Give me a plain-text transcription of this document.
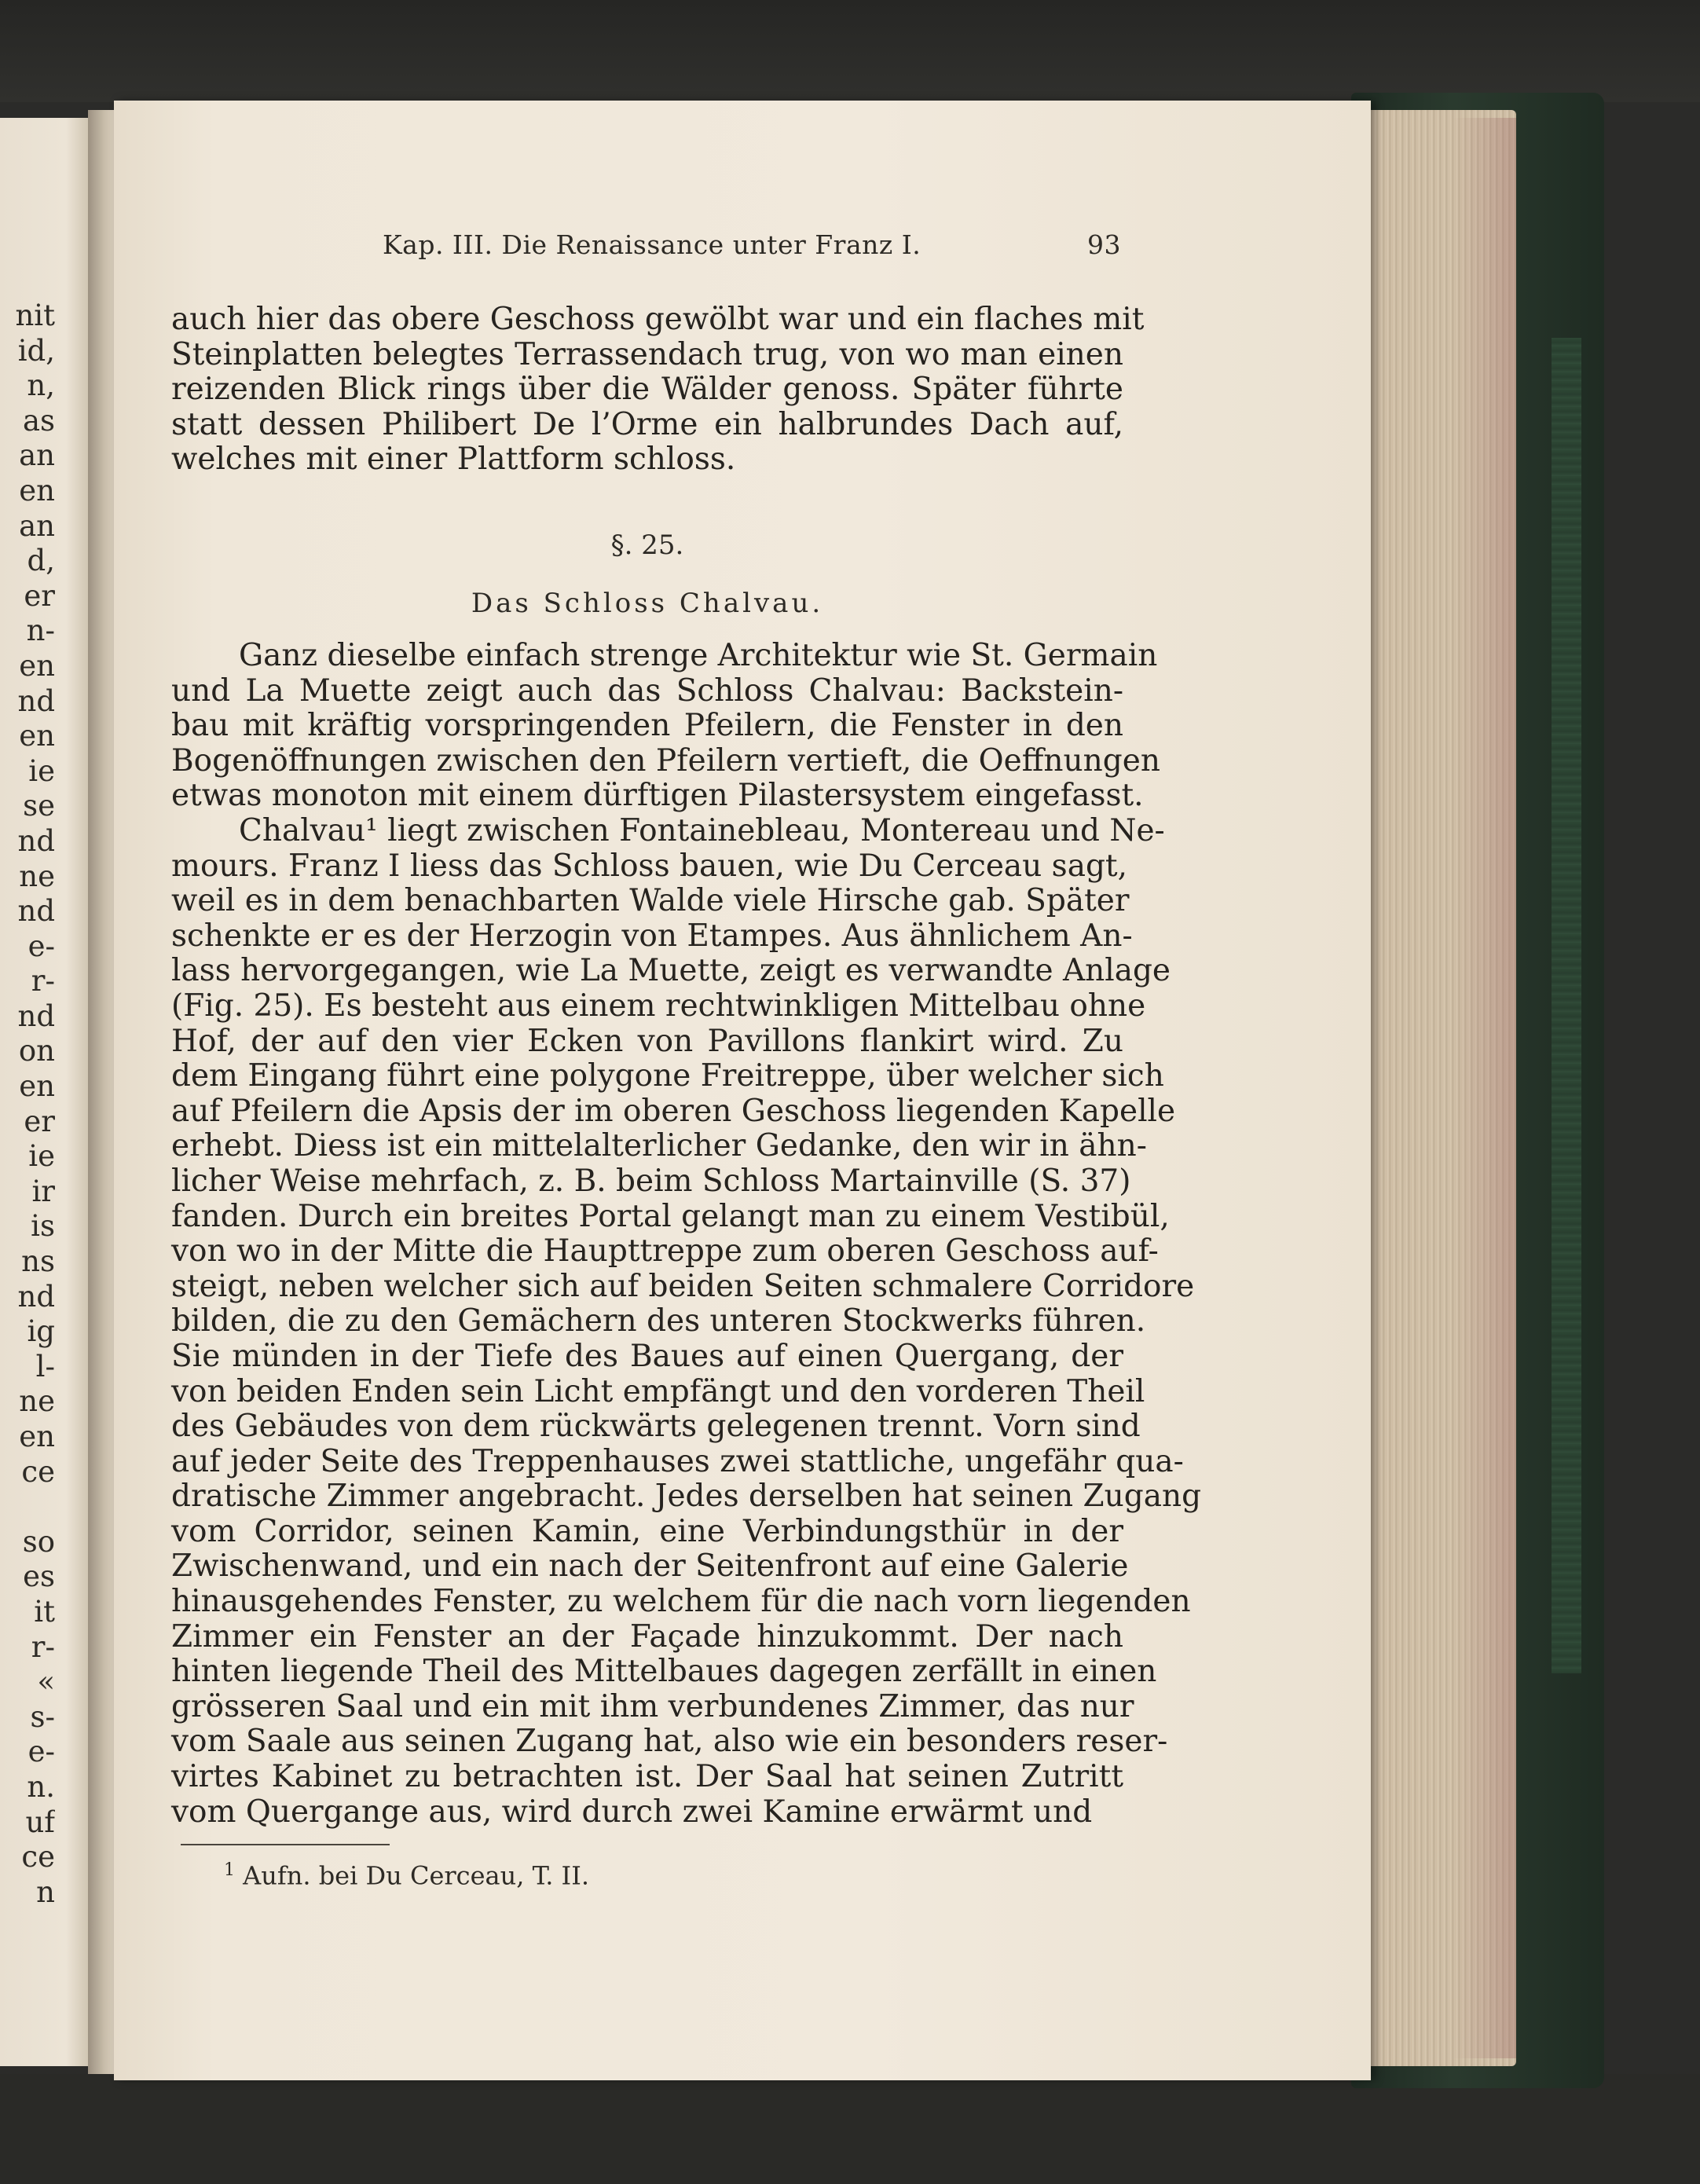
nit
id,
n,
as
an
en
an
d,
er
n-
en
nd
en
ie
se
nd
ne
nd
e-
r-
nd
on
en
er
ie
ir
is
ns
nd
ig
l-
ne
en
ce
so
es
it
r-
«
s-
e-
n.
uf
ce
n
Kap. III. Die Renaissance unter Franz I.	93
auch hier das obere Geschoss gewölbt war und ein flaches mit
Steinplatten belegtes Terrassendach trug, von wo man einen
reizenden Blick rings über die Wälder genoss. Später führte
statt dessen Philibert De l’Orme ein halbrundes Dach auf,
welches mit einer Plattform schloss.
§. 25.
Das Schloss Chalvau.
Ganz dieselbe einfach strenge Architektur wie St. Germain
und La Muette zeigt auch das Schloss Chalvau: Backstein-
bau mit kräftig vorspringenden Pfeilern, die Fenster in den
Bogenöffnungen zwischen den Pfeilern vertieft, die Oeffnungen
etwas monoton mit einem dürftigen Pilastersystem eingefasst.
Chalvau¹ liegt zwischen Fontainebleau, Montereau und Ne-
mours. Franz I liess das Schloss bauen, wie Du Cerceau sagt,
weil es in dem benachbarten Walde viele Hirsche gab. Später
schenkte er es der Herzogin von Etampes. Aus ähnlichem An-
lass hervorgegangen, wie La Muette, zeigt es verwandte Anlage
(Fig. 25). Es besteht aus einem rechtwinkligen Mittelbau ohne
Hof, der auf den vier Ecken von Pavillons flankirt wird. Zu
dem Eingang führt eine polygone Freitreppe, über welcher sich
auf Pfeilern die Apsis der im oberen Geschoss liegenden Kapelle
erhebt. Diess ist ein mittelalterlicher Gedanke, den wir in ähn-
licher Weise mehrfach, z. B. beim Schloss Martainville (S. 37)
fanden. Durch ein breites Portal gelangt man zu einem Vestibül,
von wo in der Mitte die Haupttreppe zum oberen Geschoss auf-
steigt, neben welcher sich auf beiden Seiten schmalere Corridore
bilden, die zu den Gemächern des unteren Stockwerks führen.
Sie münden in der Tiefe des Baues auf einen Quergang, der
von beiden Enden sein Licht empfängt und den vorderen Theil
des Gebäudes von dem rückwärts gelegenen trennt. Vorn sind
auf jeder Seite des Treppenhauses zwei stattliche, ungefähr qua-
dratische Zimmer angebracht. Jedes derselben hat seinen Zugang
vom Corridor, seinen Kamin, eine Verbindungsthür in der
Zwischenwand, und ein nach der Seitenfront auf eine Galerie
hinausgehendes Fenster, zu welchem für die nach vorn liegenden
Zimmer ein Fenster an der Façade hinzukommt. Der nach
hinten liegende Theil des Mittelbaues dagegen zerfällt in einen
grösseren Saal und ein mit ihm verbundenes Zimmer, das nur
vom Saale aus seinen Zugang hat, also wie ein besonders reser-
virtes Kabinet zu betrachten ist. Der Saal hat seinen Zutritt
vom Quergange aus, wird durch zwei Kamine erwärmt und
$^1$ Aufn. bei Du Cerceau, T. II.
